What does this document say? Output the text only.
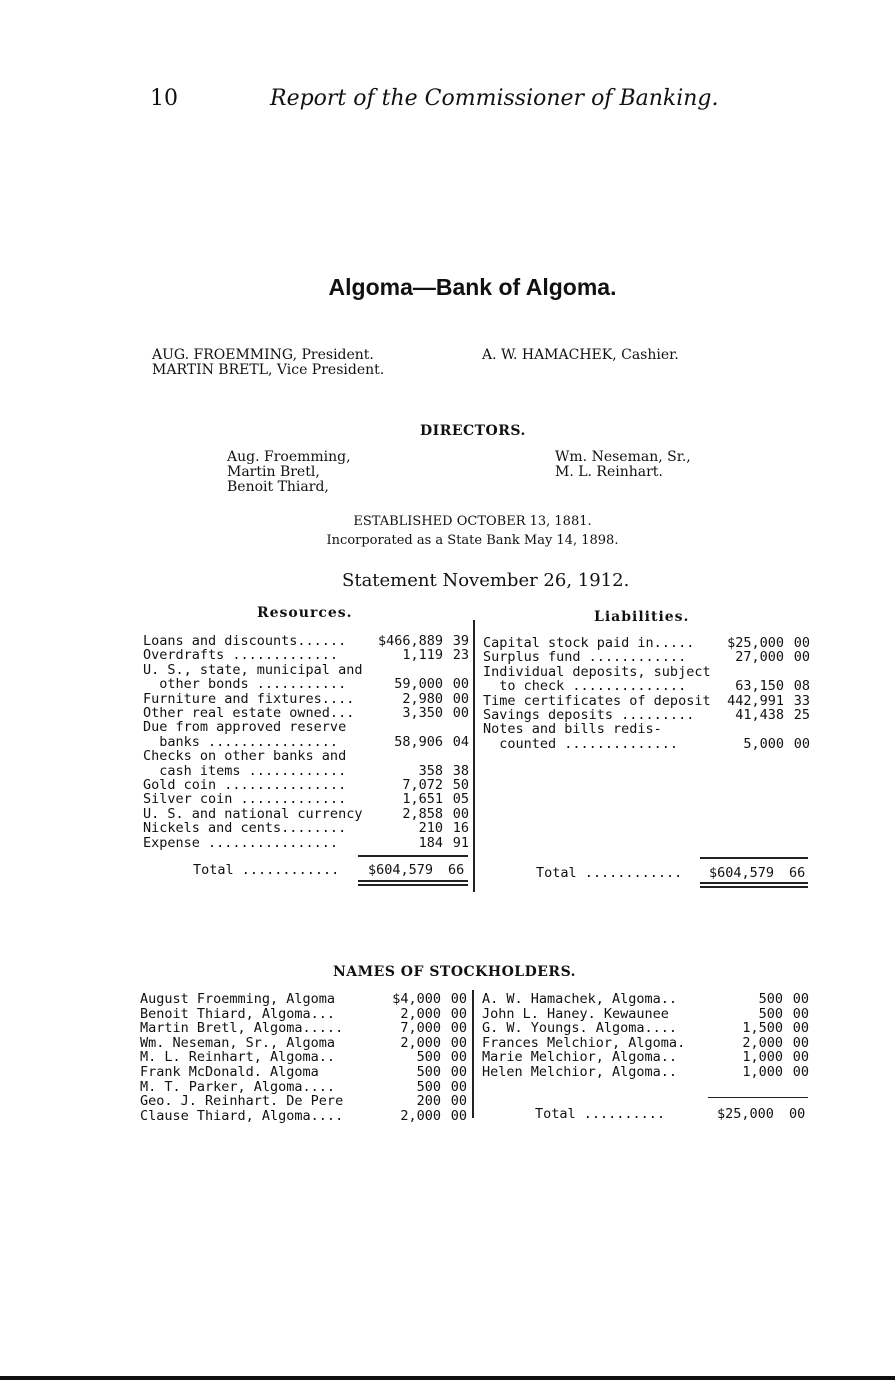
10	Report of the Commissioner of Banking.
Algoma—Bank of Algoma.
AUG. FROEMMING, President.
MARTIN BRETL, Vice President.
A. W. HAMACHEK, Cashier.
DIRECTORS.
Aug. Froemming,
Martin Bretl,
Benoit Thiard,
Wm. Neseman, Sr.,
M. L. Reinhart.
ESTABLISHED OCTOBER 13, 1881.
Incorporated as a State Bank May 14, 1898.
Statement November 26, 1912.
Resources.	Liabilities.
Loans and discounts...... $466,889 39
Overdrafts .............	1,119 23
U. S., state, municipal and
other bonds ...........	59,000 00
Furniture and fixtures....	2,980 00
Other real estate owned...	3,350 00
Due from approved reserve
banks ................	58,906 04
Checks on other banks and
cash items ............	358 38
Gold coin ...............	7,072 50
Silver coin .............	1,651 05
U. S. and national currency	2,858 00
Nickels and cents........	210 16
Expense ................	184 91
Capital stock paid in..... $25,000 00
Surplus fund ............	27,000 00
Individual deposits, subject
to check ..............	63,150 08
Time certificates of deposit 442,991 33
Savings deposits .........	41,438 25
Notes and bills redis-
counted ..............	5,000 00
Total ............ $604,579 66	Total ............ $604,579 66
NAMES OF STOCKHOLDERS.
August Froemming, Algoma	$4,000 00
Benoit Thiard, Algoma...	2,000 00
Martin Bretl, Algoma.....	7,000 00
Wm. Neseman, Sr., Algoma	2,000 00
M. L. Reinhart, Algoma..	500 00
Frank McDonald. Algoma	500 00
M. T. Parker, Algoma....	500 00
Geo. J. Reinhart. De Pere	200 00
Clause Thiard, Algoma....	2,000 00
A. W. Hamachek, Algoma..	500 00
John L. Haney. Kewaunee	500 00
G. W. Youngs. Algoma....	1,500 00
Frances Melchior, Algoma.	2,000 00
Marie Melchior, Algoma..	1,000 00
Helen Melchior, Algoma..	1,000 00
Total ..........	$25,000 00
